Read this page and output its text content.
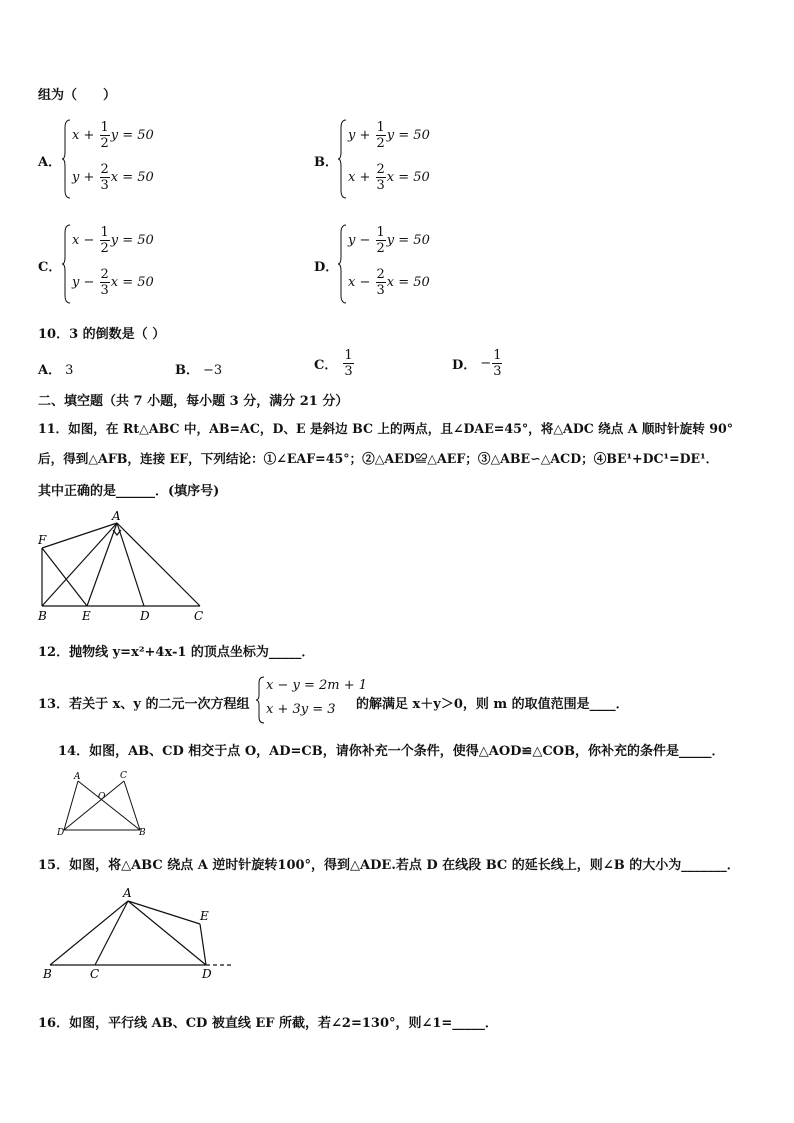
组为（　　）
A．
$x + \frac{1}{2}$ y = 50
$y + \frac{2}{3}$ x = 50
B．
$y + \frac{1}{2}$ y = 50
$x + \frac{2}{3}$ x = 50
C．
$x - \frac{1}{2}$ y = 50
$y - \frac{2}{3}$ x = 50
D．
$y - \frac{1}{2}$ y = 50
$x - \frac{2}{3}$ x = 50
10．3 的倒数是（ ）
A． 3	B． −3	C． $\frac{1}{3}$	D． − $\frac{1}{3}$
二、填空题（共 7 小题，每小题 3 分，满分 21 分）
11．如图，在 Rt△ABC 中，AB=AC，D、E 是斜边 BC 上的两点，且∠DAE=45°，将△ADC 绕点 A 顺时针旋转 90°
后，得到△AFB，连接 EF，下列结论：①∠EAF=45°；②△AED≌△AEF；③△ABE∽△ACD；④BE¹+DC¹=DE¹．
其中正确的是______．(填序号)
F
A
B	E	D	C
12．抛物线 y=x²+4x-1 的顶点坐标为_____．
13．若关于 x、y 的二元一次方程组
x − y = 2m + 1
x + 3y = 3 的解满足 x＋y＞0，则 m 的取值范围是____．
14．如图，AB、CD 相交于点 O，AD=CB，请你补充一个条件，使得△AOD≌△COB，你补充的条件是_____．
A	C
O
D	B
15．如图，将△ABC 绕点 A 逆时针旋转100°，得到△ADE.若点 D 在线段 BC 的延长线上，则∠B 的大小为_______．
A
E
B	C	D
16．如图，平行线 AB、CD 被直线 EF 所截，若∠2=130°，则∠1=_____．
